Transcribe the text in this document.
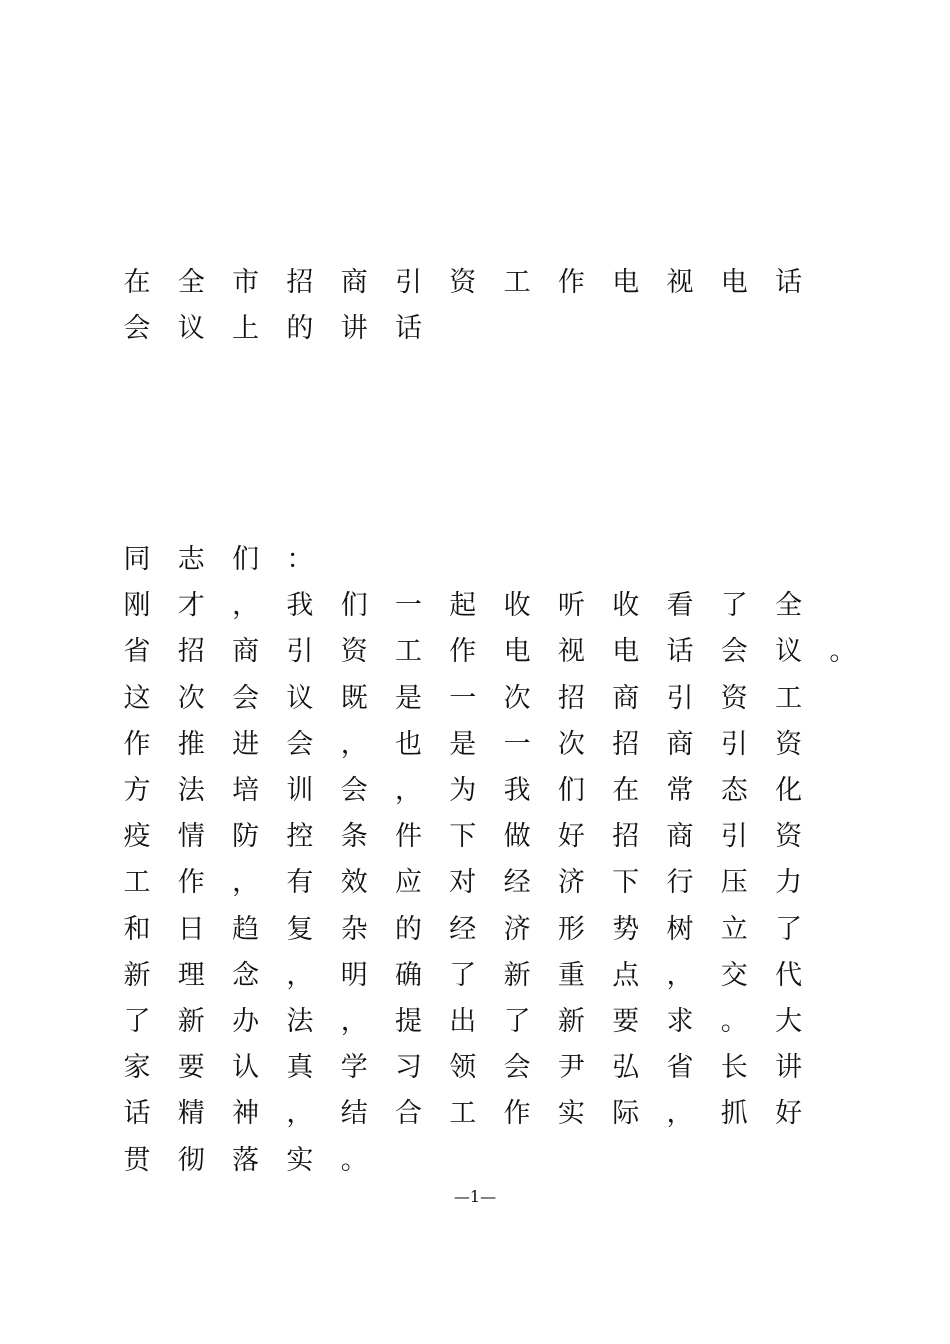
在 全 市 招 商 引 资 工 作 电 视 电 话
会 议 上 的 讲 话
同 志 们 ：
刚 才 ， 我 们 一 起 收 听 收 看 了 全
省 招 商 引 资 工 作 电 视 电 话 会 议 。
这 次 会 议 既 是 一 次 招 商 引 资 工
作 推 进 会 ， 也 是 一 次 招 商 引 资
方 法 培 训 会 ， 为 我 们 在 常 态 化
疫 情 防 控 条 件 下 做 好 招 商 引 资
工 作 ， 有 效 应 对 经 济 下 行 压 力
和 日 趋 复 杂 的 经 济 形 势 树 立 了
新 理 念 ， 明 确 了 新 重 点 ， 交 代
了 新 办 法 ， 提 出 了 新 要 求 。 大
家 要 认 真 学 习 领 会 尹 弘 省 长 讲
话 精 神 ， 结 合 工 作 实 际 ， 抓 好
贯 彻 落 实 。
—1—
